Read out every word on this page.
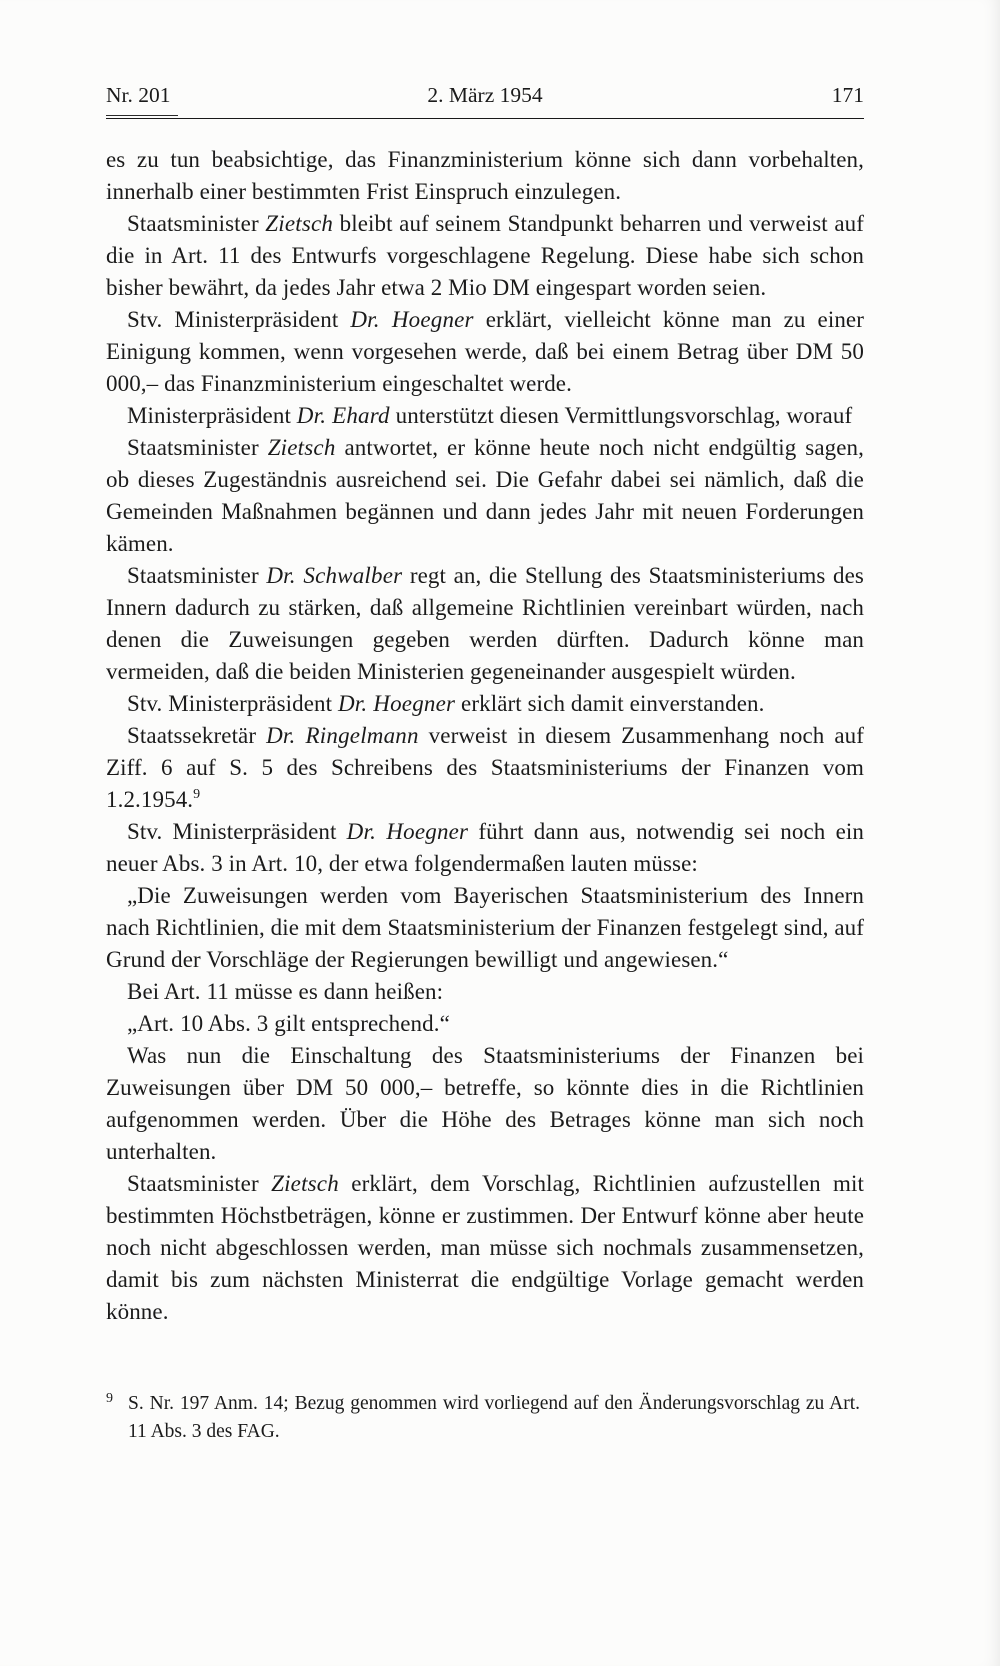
Nr. 201	2. März 1954	171

es zu tun beabsichtige, das Finanzministerium könne sich dann vorbehalten, innerhalb einer bestimmten Frist Einspruch einzulegen.

Staatsminister Zietsch bleibt auf seinem Standpunkt beharren und verweist auf die in Art. 11 des Entwurfs vorgeschlagene Regelung. Diese habe sich schon bisher bewährt, da jedes Jahr etwa 2 Mio DM eingespart worden seien.

Stv. Ministerpräsident Dr. Hoegner erklärt, vielleicht könne man zu einer Einigung kommen, wenn vorgesehen werde, daß bei einem Betrag über DM 50 000,– das Finanzministerium eingeschaltet werde.

Ministerpräsident Dr. Ehard unterstützt diesen Vermittlungsvorschlag, worauf

Staatsminister Zietsch antwortet, er könne heute noch nicht endgültig sagen, ob dieses Zugeständnis ausreichend sei. Die Gefahr dabei sei nämlich, daß die Gemeinden Maßnahmen begännen und dann jedes Jahr mit neuen Forderungen kämen.

Staatsminister Dr. Schwalber regt an, die Stellung des Staatsministeriums des Innern dadurch zu stärken, daß allgemeine Richtlinien vereinbart würden, nach denen die Zuweisungen gegeben werden dürften. Dadurch könne man vermeiden, daß die beiden Ministerien gegeneinander ausgespielt würden.

Stv. Ministerpräsident Dr. Hoegner erklärt sich damit einverstanden.

Staatssekretär Dr. Ringelmann verweist in diesem Zusammenhang noch auf Ziff. 6 auf S. 5 des Schreibens des Staatsministeriums der Finanzen vom 1.2.1954.$^9$

Stv. Ministerpräsident Dr. Hoegner führt dann aus, notwendig sei noch ein neuer Abs. 3 in Art. 10, der etwa folgendermaßen lauten müsse:

„Die Zuweisungen werden vom Bayerischen Staatsministerium des Innern nach Richtlinien, die mit dem Staatsministerium der Finanzen festgelegt sind, auf Grund der Vorschläge der Regierungen bewilligt und angewiesen.“

Bei Art. 11 müsse es dann heißen:

„Art. 10 Abs. 3 gilt entsprechend.“

Was nun die Einschaltung des Staatsministeriums der Finanzen bei Zuweisungen über DM 50 000,– betreffe, so könnte dies in die Richtlinien aufgenommen werden. Über die Höhe des Betrages könne man sich noch unterhalten.

Staatsminister Zietsch erklärt, dem Vorschlag, Richtlinien aufzustellen mit bestimmten Höchstbeträgen, könne er zustimmen. Der Entwurf könne aber heute noch nicht abgeschlossen werden, man müsse sich nochmals zusammensetzen, damit bis zum nächsten Ministerrat die endgültige Vorlage gemacht werden könne.

9 S. Nr. 197 Anm. 14; Bezug genommen wird vorliegend auf den Änderungsvorschlag zu Art. 11 Abs. 3 des FAG.
